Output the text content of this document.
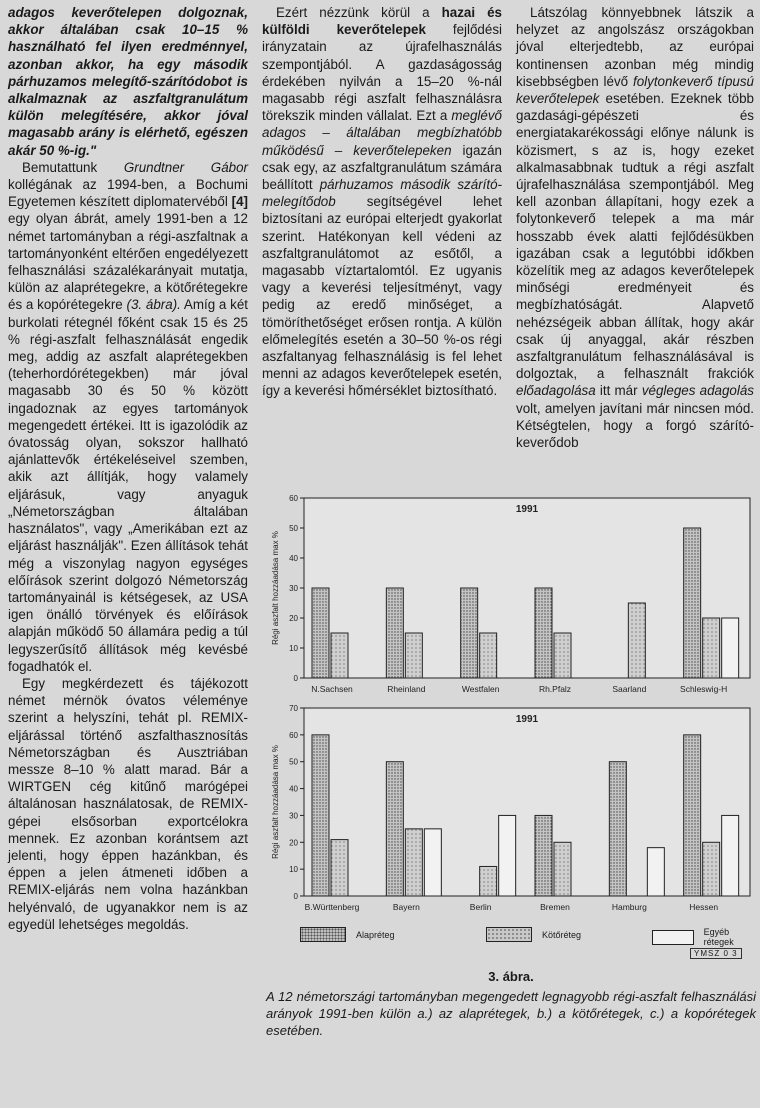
adagos keverőtelepen dolgoznak, akkor általában csak 10–15 % használható fel ilyen eredménnyel, azonban akkor, ha egy második párhuzamos melegítő-szárítódobot is alkalmaznak az aszfaltgranulátum külön melegítésére, akkor jóval magasabb arány is elérhető, egészen akár 50 %-ig."

Bemutattunk Grundtner Gábor kollégának az 1994-ben, a Bochumi Egyetemen készített diplomatervéből [4] egy olyan ábrát, amely 1991-ben a 12 német tartományban a régi-aszfaltnak a tartományonként eltérően engedélyezett felhasználási százalékarányait mutatja, külön az alaprétegekre, a kötőrétegekre és a kopórétegekre (3. ábra). Amíg a két burkolati rétegnél főként csak 15 és 25 % régi-aszfalt felhasználását engedik meg, addig az aszfalt alaprétegekben (teherhordórétegekben) már jóval magasabb 30 és 50 % között ingadoznak az egyes tartományok megengedett értékei. Itt is igazolódik az óvatosság olyan, sokszor hallható ajánlattevők értékeléseivel szemben, akik azt állítják, hogy valamely eljárásuk, vagy anyaguk „Németországban általában használatos", vagy „Amerikában ezt az eljárást használják". Ezen állítások tehát még a viszonylag nagyon egységes előírások szerint dolgozó Németország tartományainál is kétségesek, az USA igen önálló törvények és előírások alapján működő 50 államára pedig a túl legyszerűsítő állítások még kevésbé fogadhatók el.

Egy megkérdezett és tájékozott német mérnök óvatos véleménye szerint a helyszíni, tehát pl. REMIX-eljárással történő aszfalthasznosítás Németországban és Ausztriában messze 8–10 % alatt marad. Bár a WIRTGEN cég kitűnő marógépei általánosan használatosak, de REMIX-gépei elsősorban exportcélokra mennek. Ez azonban korántsem azt jelenti, hogy éppen hazánkban, és éppen a jelen átmeneti időben a REMIX-eljárás nem volna hazánkban helyénvaló, de ugyanakkor nem is az egyedül lehetséges megoldás.

Ezért nézzünk körül a hazai és külföldi keverőtelepek fejlődési irányzatain az újrafelhasználás szempontjából. A gazdaságosság érdekében nyilván a 15–20 %-nál magasabb régi aszfalt felhasználásra törekszik minden vállalat. Ezt a meglévő adagos – általában megbízhatóbb működésű – keverőtelepeken igazán csak egy, az aszfaltgranulátum számára beállított párhuzamos második szárító-melegítődob segítségével lehet biztosítani az európai elterjedt gyakorlat szerint. Hatékonyan kell védeni az aszfaltgranulátomot az esőtől, a magasabb víztartalomtól. Ez ugyanis vagy a keverési teljesítményt, vagy pedig az eredő minőséget, a tömöríthetőséget erősen rontja. A külön előmelegítés esetén a 30–50 %-os régi aszfaltanyag felhasználásig is fel lehet menni az adagos keverőtelepek esetén, így a keverési hőmérséklet biztosítható.

Látszólag könnyebbnek látszik a helyzet az angolszász országokban jóval elterjedtebb, az európai kontinensen azonban még mindig kisebbségben lévő folytonkeverő típusú keverőtelepek esetében. Ezeknek több gazdasági-gépészeti és energiatakarékossági előnye nálunk is közismert, s az is, hogy ezeket alkalmasabbnak tudtuk a régi aszfalt újrafelhasználása szempontjából. Meg kell azonban állapítani, hogy ezek a folytonkeverő telepek a ma már hosszabb évek alatti fejlődésükben igazában csak a legutóbbi időkben közelítik meg az adagos keverőtelepek minőségi eredményeit és megbízhatóságát. Alapvető nehézségeik abban állítak, hogy akár csak új anyaggal, akár részben aszfaltgranulátum felhasználásával is dolgoztak, a felhasznált frakciók előadagolása itt már végleges adagolás volt, amelyen javítani már nincsen mód. Kétségtelen, hogy a forgó szárító-keverődob

0
10
20
30
40
50
60
Régi aszfalt hozzáadása max %
1991
N.Sachsen	Rheinland	Westfalen	Rh.Pfalz	Saarland	Schleswig-H
0
10
20
30
40
50
60
70
Régi aszfalt hozzáadása max %
1991
B.Württenberg	Bayern	Berlin	Bremen	Hamburg	Hessen
Alapréteg	Kötőréteg	Egyéb rétegek
YMSZ 0 3
3. ábra.
A 12 németországi tartományban megengedett legnagyobb régi-aszfalt felhasználási arányok 1991-ben külön a.) az alaprétegek, b.) a kötőrétegek, c.) a kopórétegek esetében.
